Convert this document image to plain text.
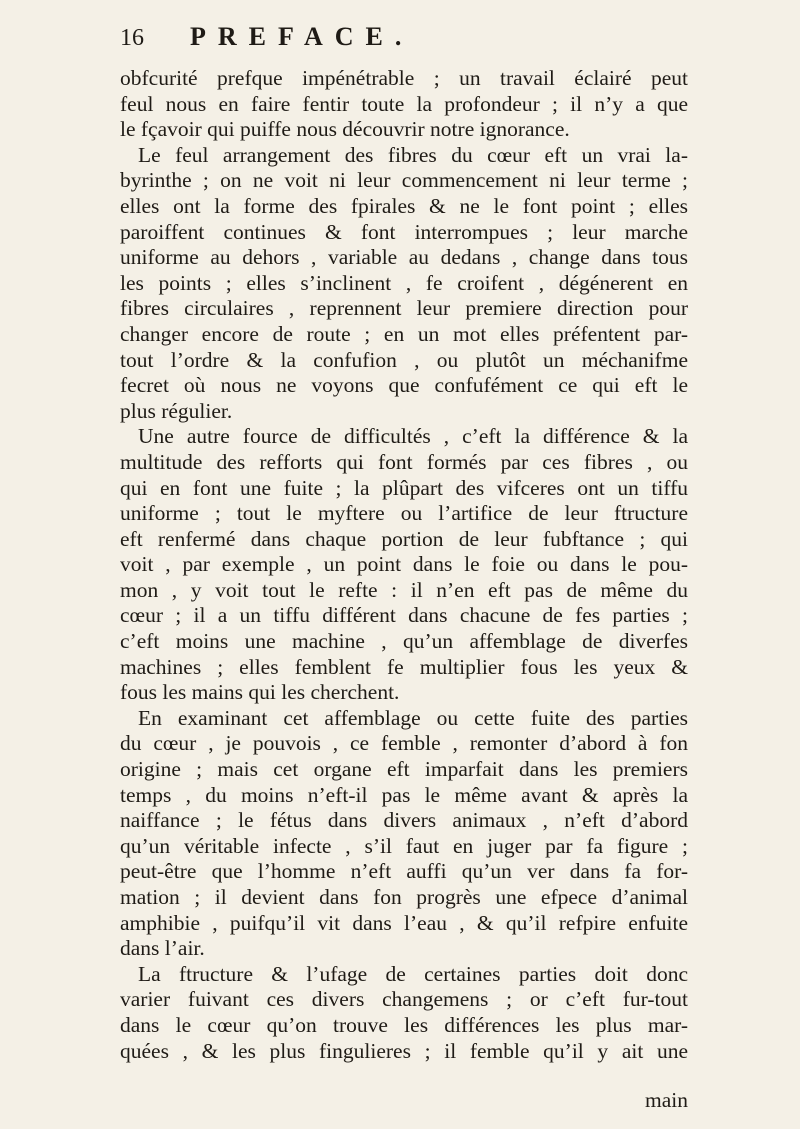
16	PREFACE.
obfcurité prefque impénétrable ; un travail éclairé peut
feul nous en faire fentir toute la profondeur ; il n’y a que
le fçavoir qui puiffe nous découvrir notre ignorance.
Le feul arrangement des fibres du cœur eft un vrai la-
byrinthe ; on ne voit ni leur commencement ni leur terme ;
elles ont la forme des fpirales & ne le font point ; elles
paroiffent continues & font interrompues ; leur marche
uniforme au dehors , variable au dedans , change dans tous
les points ; elles s’inclinent , fe croifent , dégénerent en
fibres circulaires , reprennent leur premiere direction pour
changer encore de route ; en un mot elles préfentent par-
tout l’ordre & la confufion , ou plutôt un méchanifme
fecret où nous ne voyons que confufément ce qui eft le
plus régulier.
Une autre fource de difficultés , c’eft la différence & la
multitude des refforts qui font formés par ces fibres , ou
qui en font une fuite ; la plûpart des vifceres ont un tiffu
uniforme ; tout le myftere ou l’artifice de leur ftructure
eft renfermé dans chaque portion de leur fubftance ; qui
voit , par exemple , un point dans le foie ou dans le pou-
mon , y voit tout le refte : il n’en eft pas de même du
cœur ; il a un tiffu différent dans chacune de fes parties ;
c’eft moins une machine , qu’un affemblage de diverfes
machines ; elles femblent fe multiplier fous les yeux &
fous les mains qui les cherchent.
En examinant cet affemblage ou cette fuite des parties
du cœur , je pouvois , ce femble , remonter d’abord à fon
origine ; mais cet organe eft imparfait dans les premiers
temps , du moins n’eft-il pas le même avant & après la
naiffance ; le fétus dans divers animaux , n’eft d’abord
qu’un véritable infecte , s’il faut en juger par fa figure ;
peut-être que l’homme n’eft auffi qu’un ver dans fa for-
mation ; il devient dans fon progrès une efpece d’animal
amphibie , puifqu’il vit dans l’eau , & qu’il refpire enfuite
dans l’air.
La ftructure & l’ufage de certaines parties doit donc
varier fuivant ces divers changemens ; or c’eft fur-tout
dans le cœur qu’on trouve les différences les plus mar-
quées , & les plus fingulieres ; il femble qu’il y ait une
main
